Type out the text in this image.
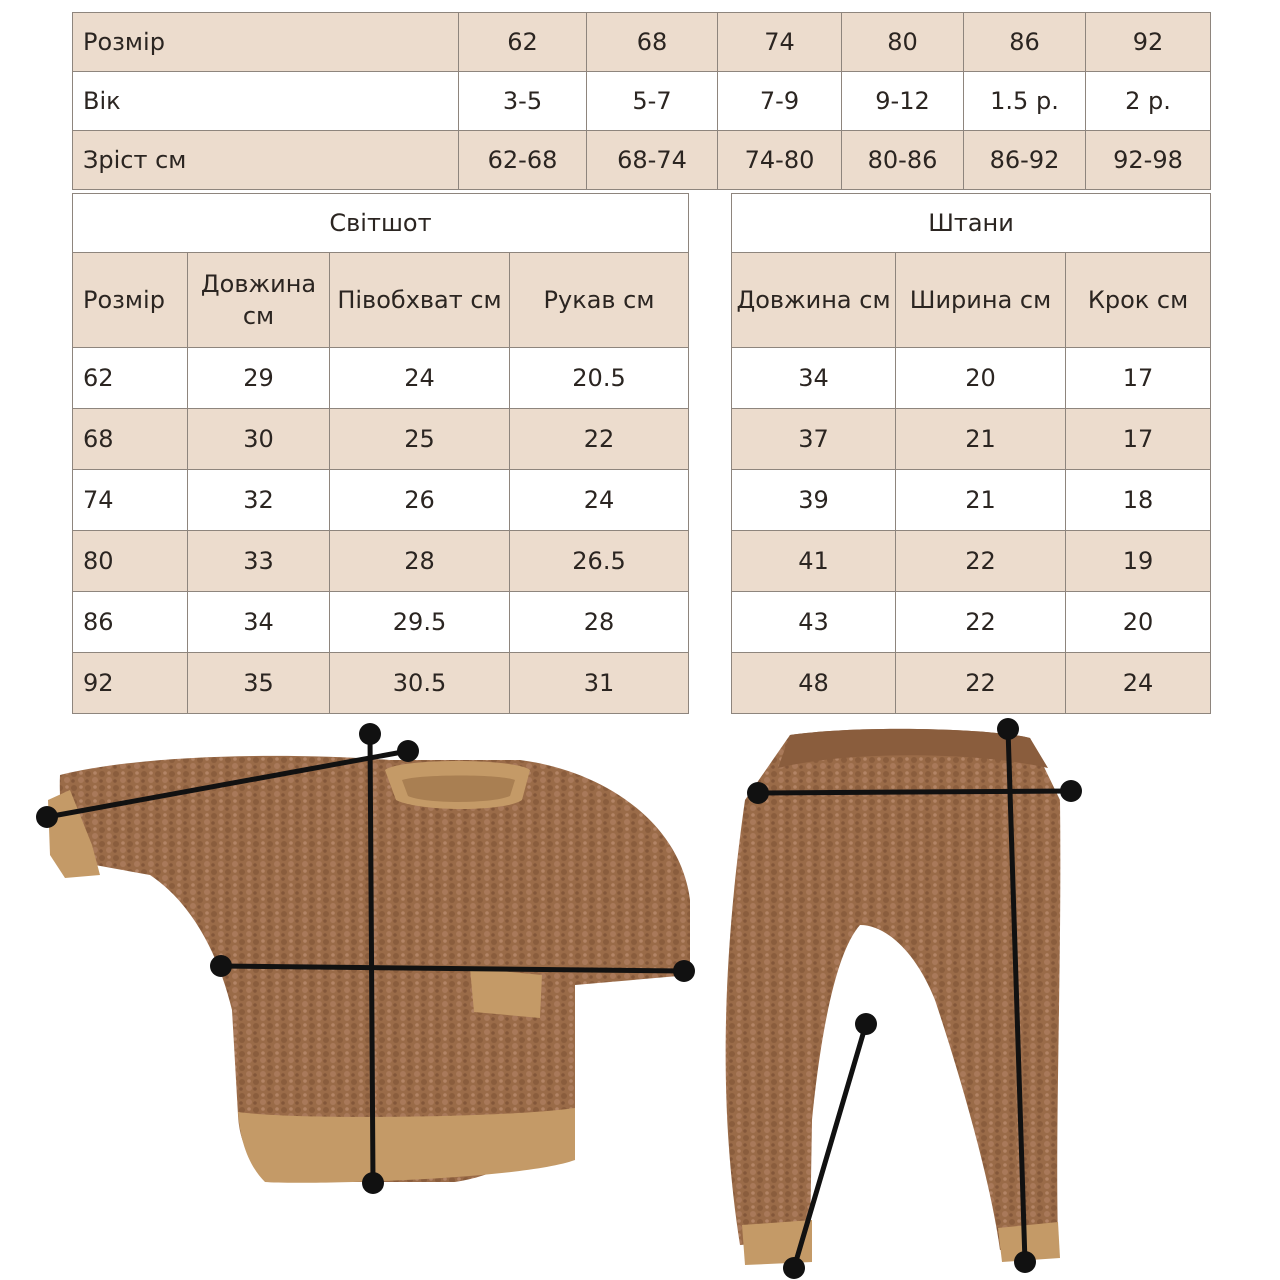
Розмір	62	68	74	80	86	92
Вік	3-5	5-7	7-9	9-12	1.5 р.	2 р.
Зріст см	62-68	68-74	74-80	80-86	86-92	92-98
Світшот			
Розмір	Довжина см	Півобхват см	Рукав см
62	29	24	20.5
68	30	25	22
74	32	26	24
80	33	28	26.5
86	34	29.5	28
92	35	30.5	31
Штани		
Довжина см	Ширина см	Крок см
34	20	17
37	21	17
39	21	18
41	22	19
43	22	20
48	22	24
